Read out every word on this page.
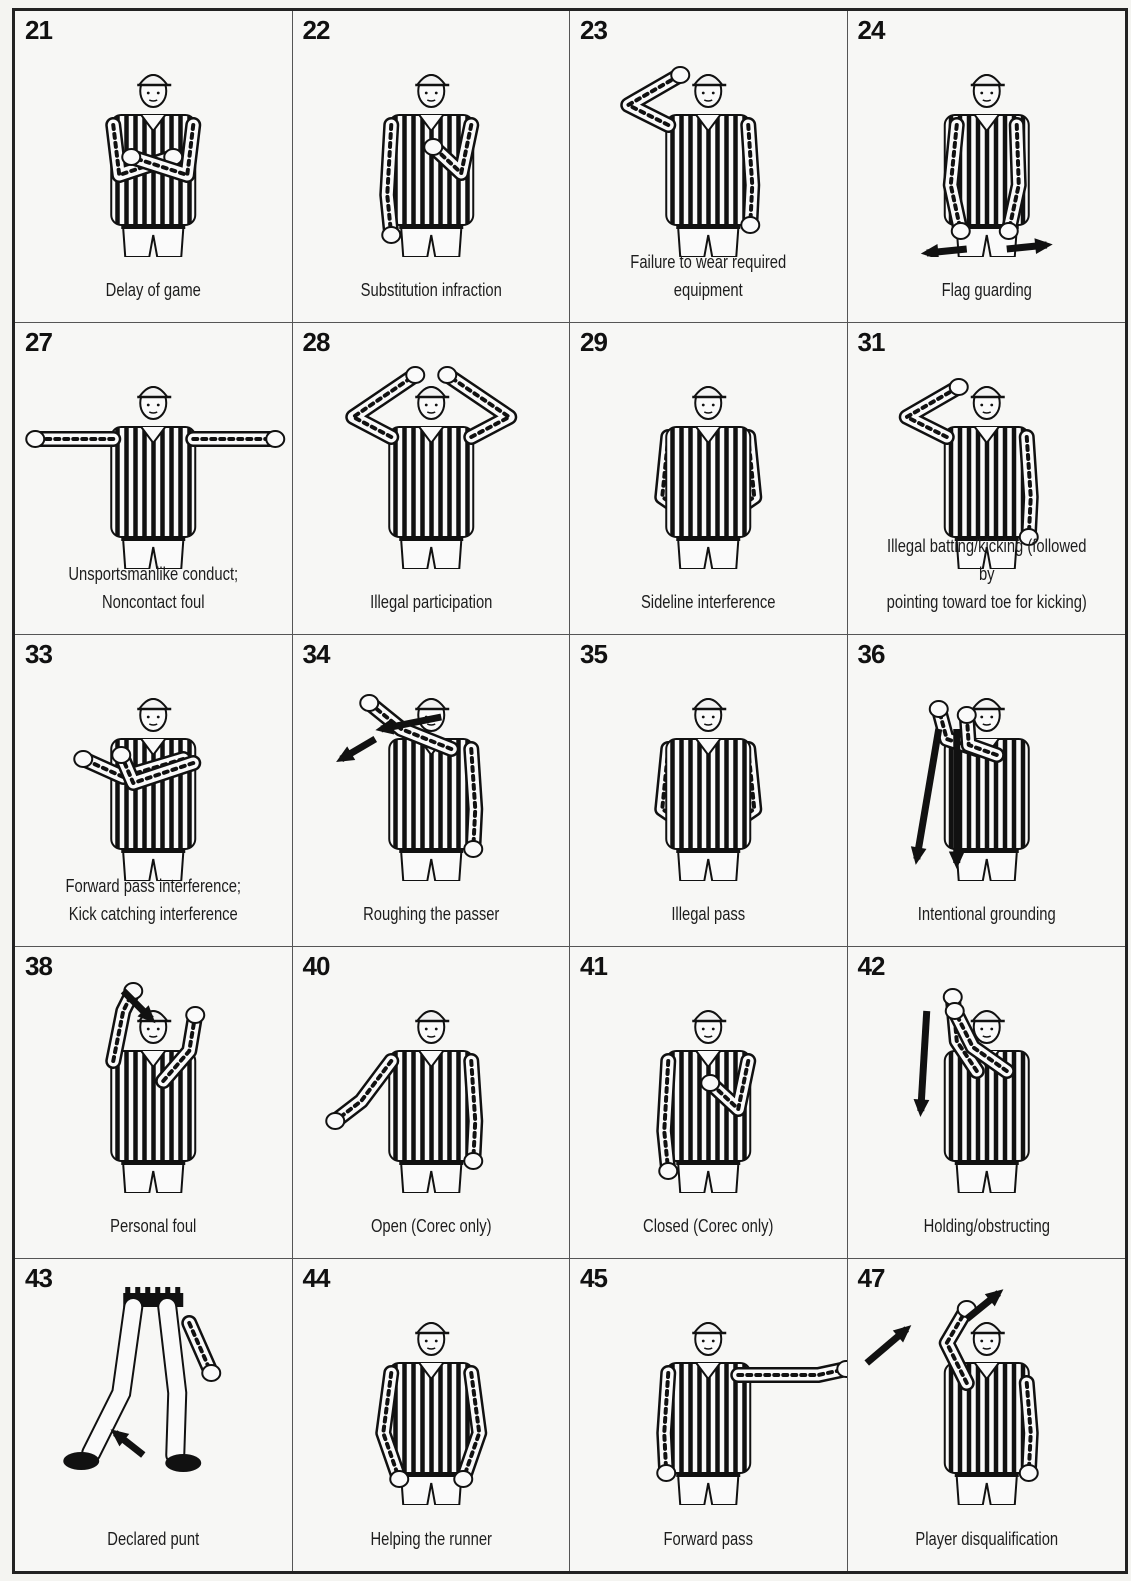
21
Delay of game
22
Substitution infraction
23
Failure to wear required
equipment
24
Flag guarding
27
Unsportsmanlike conduct;
Noncontact foul
28
Illegal participation
29
Sideline interference
31
Illegal batting/kicking (followed by
pointing toward toe for kicking)
33
Forward pass interference;
Kick catching interference
34
Roughing the passer
35
Illegal pass
36
Intentional grounding
38
Personal foul
40
Open (Corec only)
41
Closed (Corec only)
42
Holding/obstructing
43
Declared punt
44
Helping the runner
45
Forward pass
47
Player disqualification
